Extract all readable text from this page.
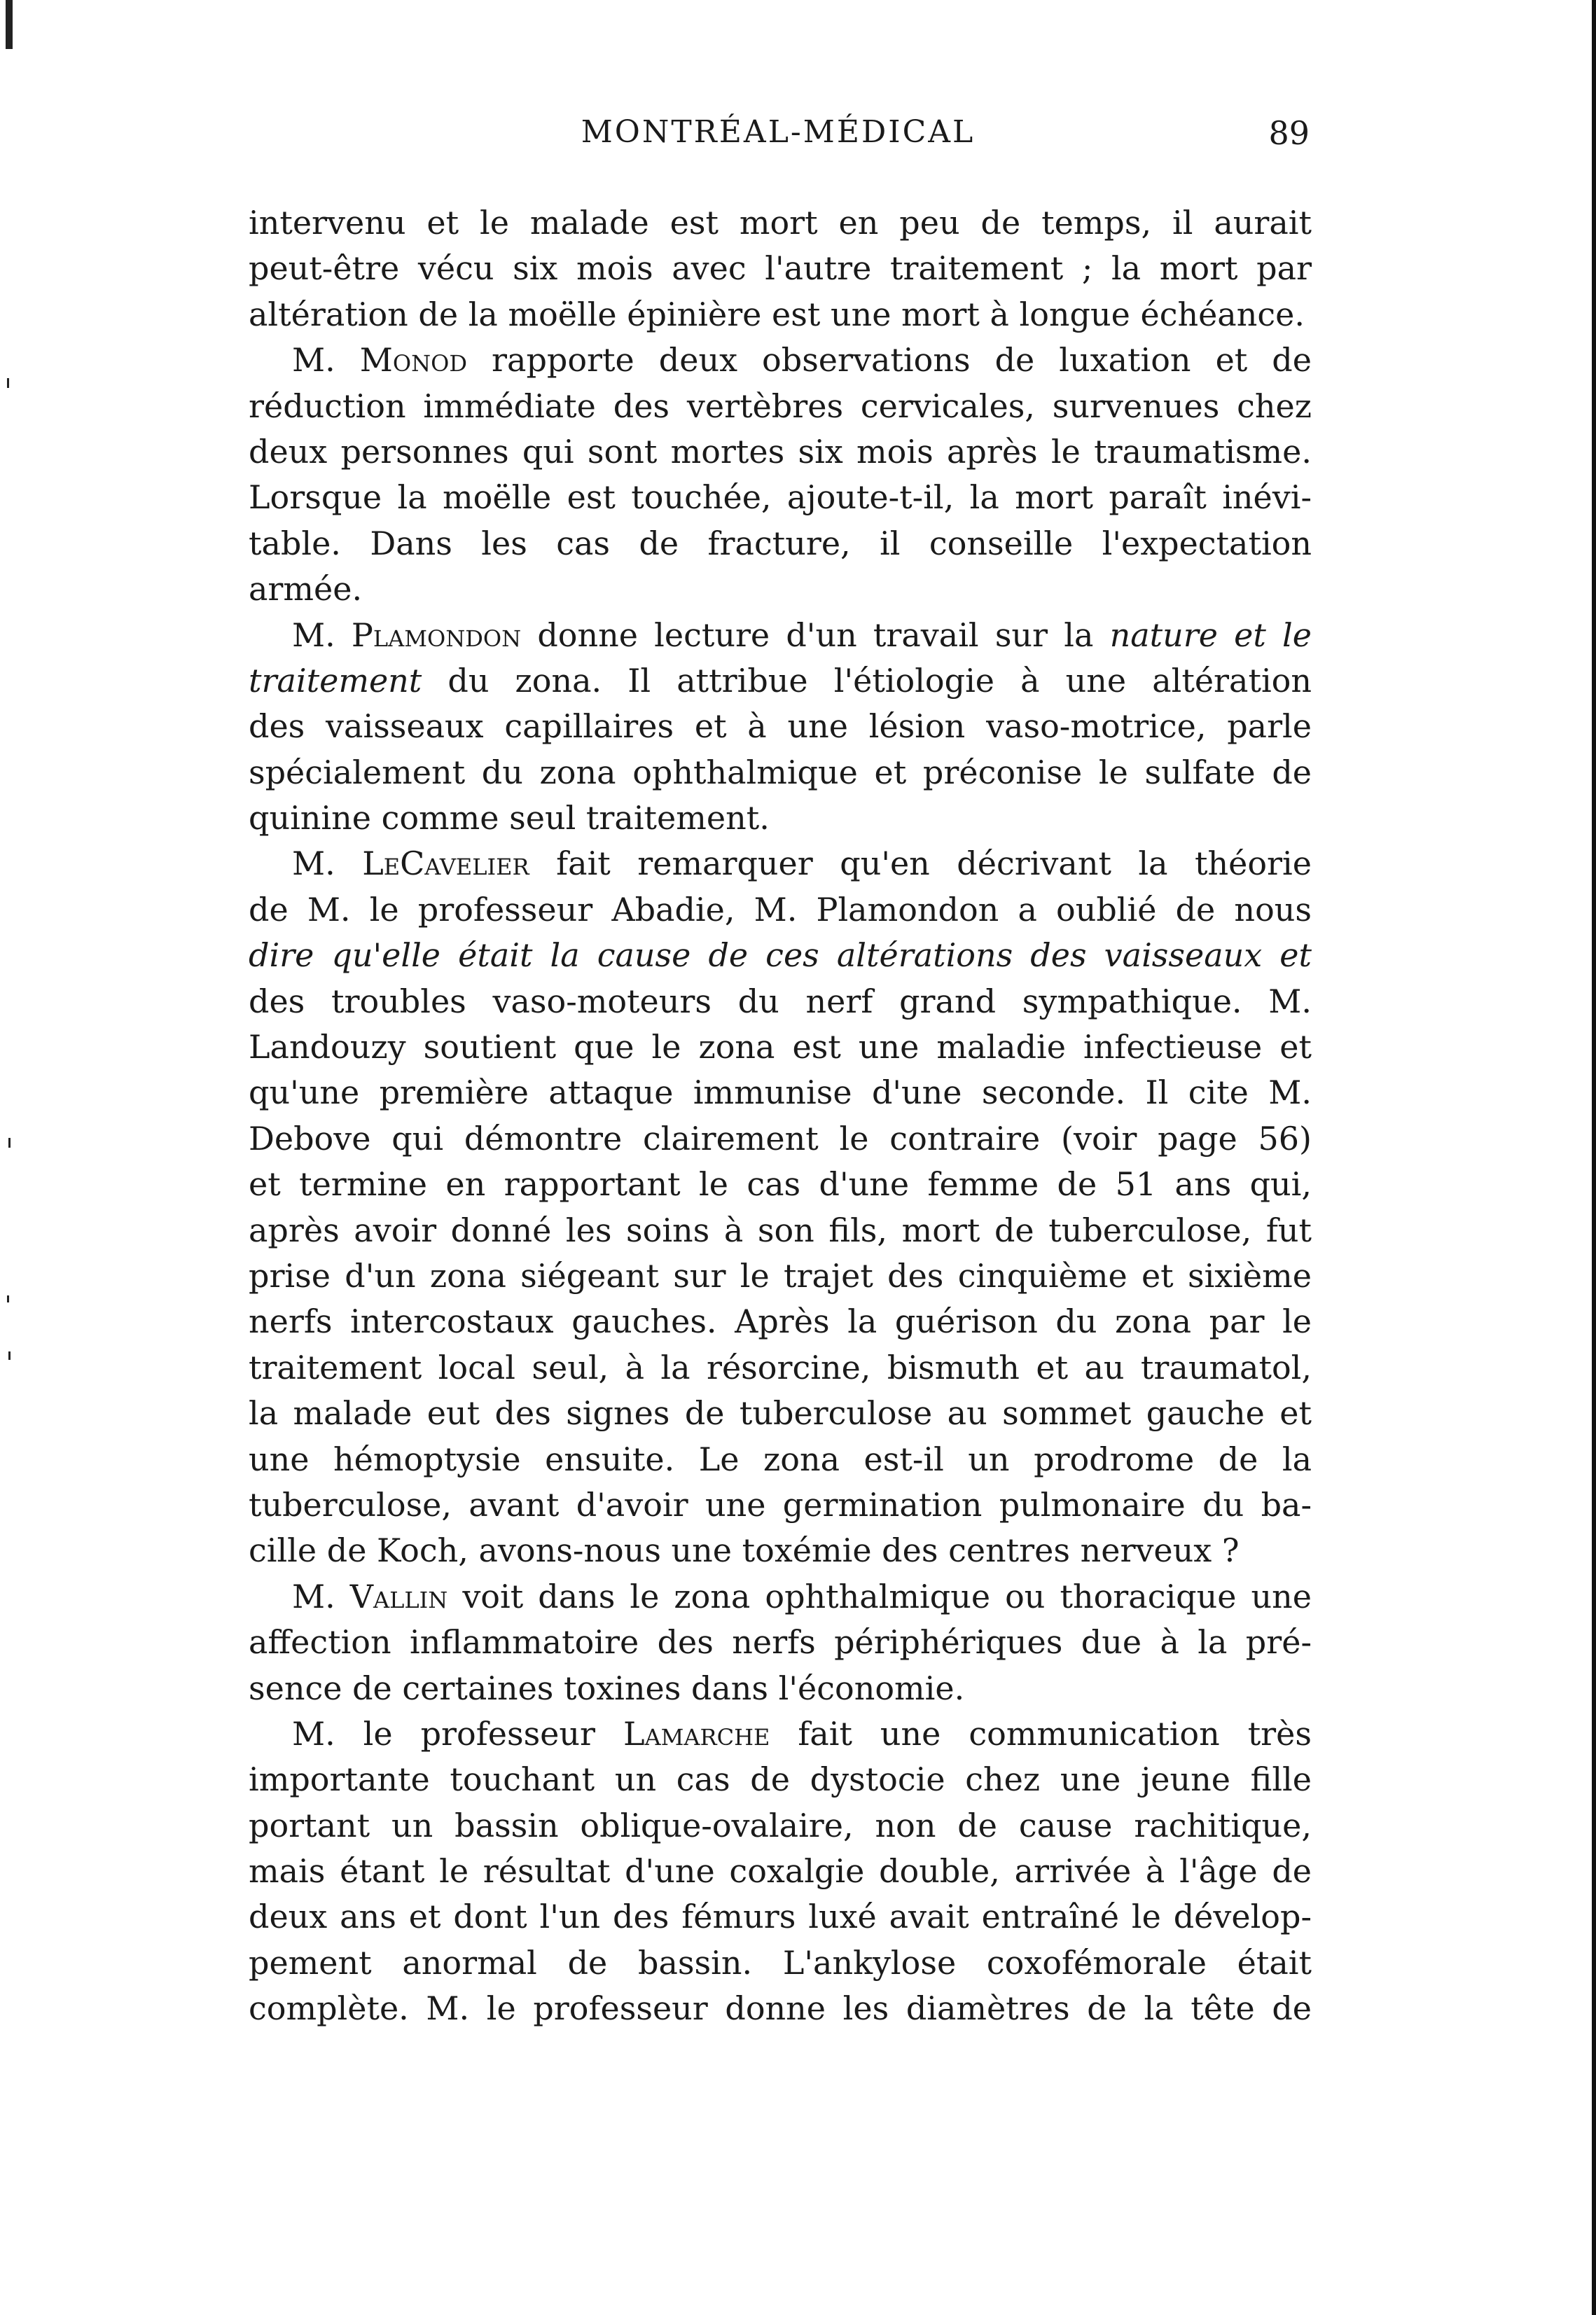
MONTRÉAL-MÉDICAL	89
intervenu et le malade est mort en peu de temps, il aurait
peut-être vécu six mois avec l'autre traitement ; la mort par
altération de la moëlle épinière est une mort à longue échéance.
M. Monod rapporte deux observations de luxation et de
réduction immédiate des vertèbres cervicales, survenues chez
deux personnes qui sont mortes six mois après le traumatisme.
Lorsque la moëlle est touchée, ajoute-t-il, la mort paraît inévi-
table. Dans les cas de fracture, il conseille l'expectation
armée.
M. Plamondon donne lecture d'un travail sur la nature et le
traitement du zona. Il attribue l'étiologie à une altération
des vaisseaux capillaires et à une lésion vaso-motrice, parle
spécialement du zona ophthalmique et préconise le sulfate de
quinine comme seul traitement.
M. LeCavelier fait remarquer qu'en décrivant la théorie
de M. le professeur Abadie, M. Plamondon a oublié de nous
dire qu'elle était la cause de ces altérations des vaisseaux et
des troubles vaso-moteurs du nerf grand sympathique. M.
Landouzy soutient que le zona est une maladie infectieuse et
qu'une première attaque immunise d'une seconde. Il cite M.
Debove qui démontre clairement le contraire (voir page 56)
et termine en rapportant le cas d'une femme de 51 ans qui,
après avoir donné les soins à son fils, mort de tuberculose, fut
prise d'un zona siégeant sur le trajet des cinquième et sixième
nerfs intercostaux gauches. Après la guérison du zona par le
traitement local seul, à la résorcine, bismuth et au traumatol,
la malade eut des signes de tuberculose au sommet gauche et
une hémoptysie ensuite. Le zona est-il un prodrome de la
tuberculose, avant d'avoir une germination pulmonaire du ba-
cille de Koch, avons-nous une toxémie des centres nerveux ?
M. Vallin voit dans le zona ophthalmique ou thoracique une
affection inflammatoire des nerfs périphériques due à la pré-
sence de certaines toxines dans l'économie.
M. le professeur Lamarche fait une communication très
importante touchant un cas de dystocie chez une jeune fille
portant un bassin oblique-ovalaire, non de cause rachitique,
mais étant le résultat d'une coxalgie double, arrivée à l'âge de
deux ans et dont l'un des fémurs luxé avait entraîné le dévelop-
pement anormal de bassin. L'ankylose coxofémorale était
complète. M. le professeur donne les diamètres de la tête de
